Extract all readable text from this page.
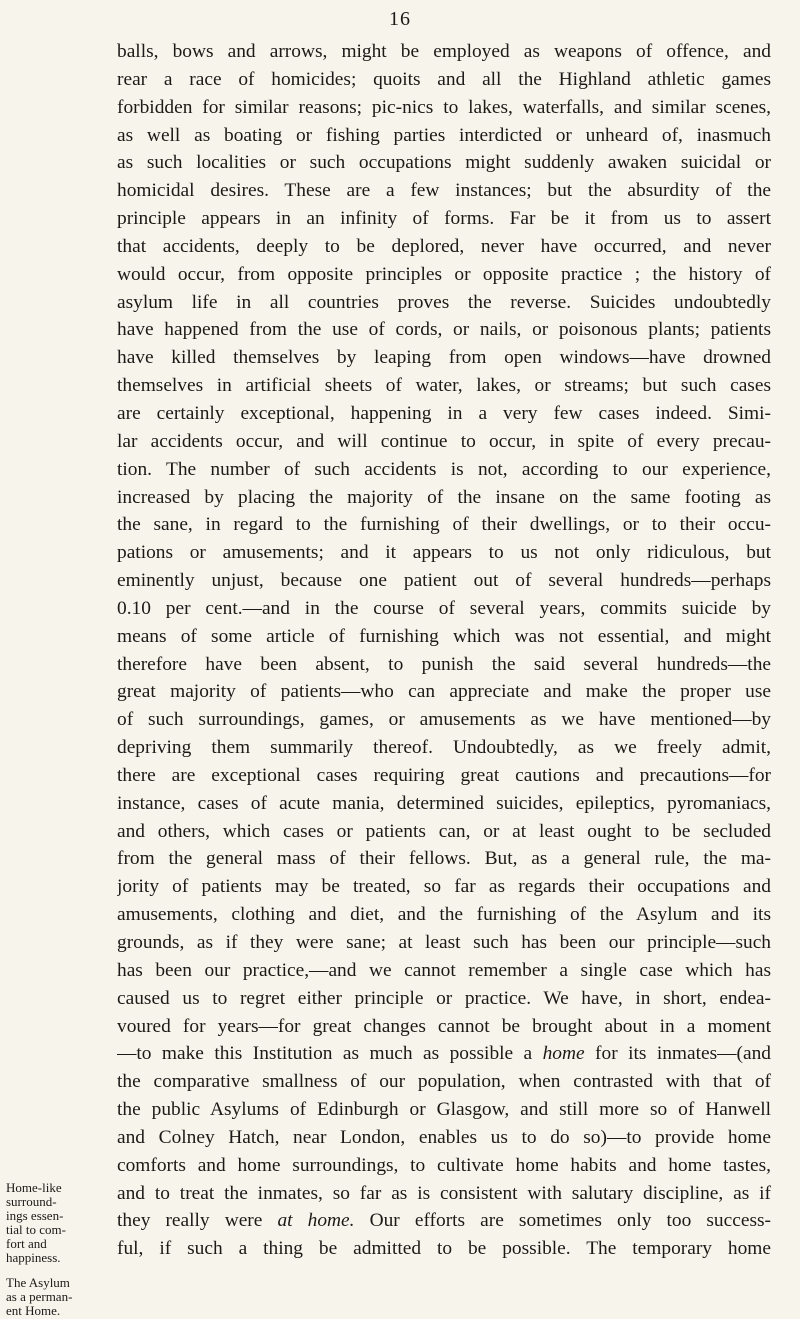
16
Home-like
surround-
ings essen-
tial to com-
fort and
happiness.
The Asylum
as a perman-
ent Home.
balls, bows and arrows, might be employed as weapons of offence, and
rear a race of homicides; quoits and all the Highland athletic games
forbidden for similar reasons; pic-nics to lakes, waterfalls, and similar scenes,
as well as boating or fishing parties interdicted or unheard of, inasmuch
as such localities or such occupations might suddenly awaken suicidal or
homicidal desires. These are a few instances; but the absurdity of the
principle appears in an infinity of forms. Far be it from us to assert
that accidents, deeply to be deplored, never have occurred, and never
would occur, from opposite principles or opposite practice ; the history of
asylum life in all countries proves the reverse. Suicides undoubtedly
have happened from the use of cords, or nails, or poisonous plants; patients
have killed themselves by leaping from open windows—have drowned
themselves in artificial sheets of water, lakes, or streams; but such cases
are certainly exceptional, happening in a very few cases indeed. Simi-
lar accidents occur, and will continue to occur, in spite of every precau-
tion. The number of such accidents is not, according to our experience,
increased by placing the majority of the insane on the same footing as
the sane, in regard to the furnishing of their dwellings, or to their occu-
pations or amusements; and it appears to us not only ridiculous, but
eminently unjust, because one patient out of several hundreds—perhaps
0.10 per cent.—and in the course of several years, commits suicide by
means of some article of furnishing which was not essential, and might
therefore have been absent, to punish the said several hundreds—the
great majority of patients—who can appreciate and make the proper use
of such surroundings, games, or amusements as we have mentioned—by
depriving them summarily thereof. Undoubtedly, as we freely admit,
there are exceptional cases requiring great cautions and precautions—for
instance, cases of acute mania, determined suicides, epileptics, pyromaniacs,
and others, which cases or patients can, or at least ought to be secluded
from the general mass of their fellows. But, as a general rule, the ma-
jority of patients may be treated, so far as regards their occupations and
amusements, clothing and diet, and the furnishing of the Asylum and its
grounds, as if they were sane; at least such has been our principle—such
has been our practice,—and we cannot remember a single case which has
caused us to regret either principle or practice. We have, in short, endea-
voured for years—for great changes cannot be brought about in a moment
—to make this Institution as much as possible a home for its inmates—(and
the comparative smallness of our population, when contrasted with that of
the public Asylums of Edinburgh or Glasgow, and still more so of Hanwell
and Colney Hatch, near London, enables us to do so)—to provide home
comforts and home surroundings, to cultivate home habits and home tastes,
and to treat the inmates, so far as is consistent with salutary discipline, as if
they really were at home. Our efforts are sometimes only too success-
ful, if such a thing be admitted to be possible. The temporary home
